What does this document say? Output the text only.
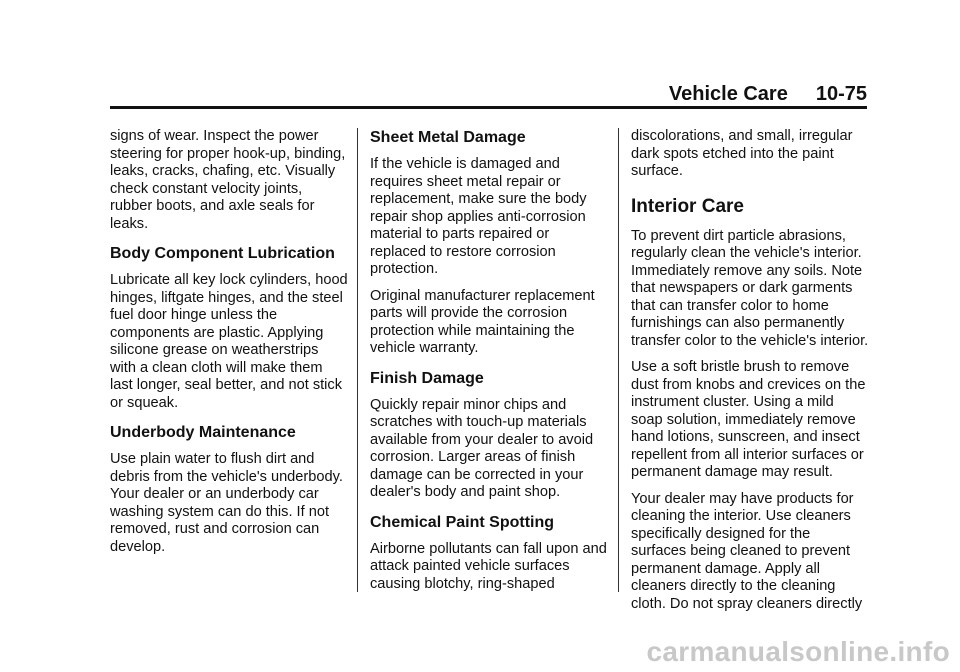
Vehicle Care 10-75

signs of wear. Inspect the power steering for proper hook-up, binding, leaks, cracks, chafing, etc. Visually check constant velocity joints, rubber boots, and axle seals for leaks.

Body Component Lubrication

Lubricate all key lock cylinders, hood hinges, liftgate hinges, and the steel fuel door hinge unless the components are plastic. Applying silicone grease on weatherstrips with a clean cloth will make them last longer, seal better, and not stick or squeak.

Underbody Maintenance

Use plain water to flush dirt and debris from the vehicle's underbody. Your dealer or an underbody car washing system can do this. If not removed, rust and corrosion can develop.

Sheet Metal Damage

If the vehicle is damaged and requires sheet metal repair or replacement, make sure the body repair shop applies anti-corrosion material to parts repaired or replaced to restore corrosion protection.

Original manufacturer replacement parts will provide the corrosion protection while maintaining the vehicle warranty.

Finish Damage

Quickly repair minor chips and scratches with touch-up materials available from your dealer to avoid corrosion. Larger areas of finish damage can be corrected in your dealer's body and paint shop.

Chemical Paint Spotting

Airborne pollutants can fall upon and attack painted vehicle surfaces causing blotchy, ring-shaped

discolorations, and small, irregular dark spots etched into the paint surface.

Interior Care

To prevent dirt particle abrasions, regularly clean the vehicle's interior. Immediately remove any soils. Note that newspapers or dark garments that can transfer color to home furnishings can also permanently transfer color to the vehicle's interior.

Use a soft bristle brush to remove dust from knobs and crevices on the instrument cluster. Using a mild soap solution, immediately remove hand lotions, sunscreen, and insect repellent from all interior surfaces or permanent damage may result.

Your dealer may have products for cleaning the interior. Use cleaners specifically designed for the surfaces being cleaned to prevent permanent damage. Apply all cleaners directly to the cleaning cloth. Do not spray cleaners directly

carmanualsonline.info
